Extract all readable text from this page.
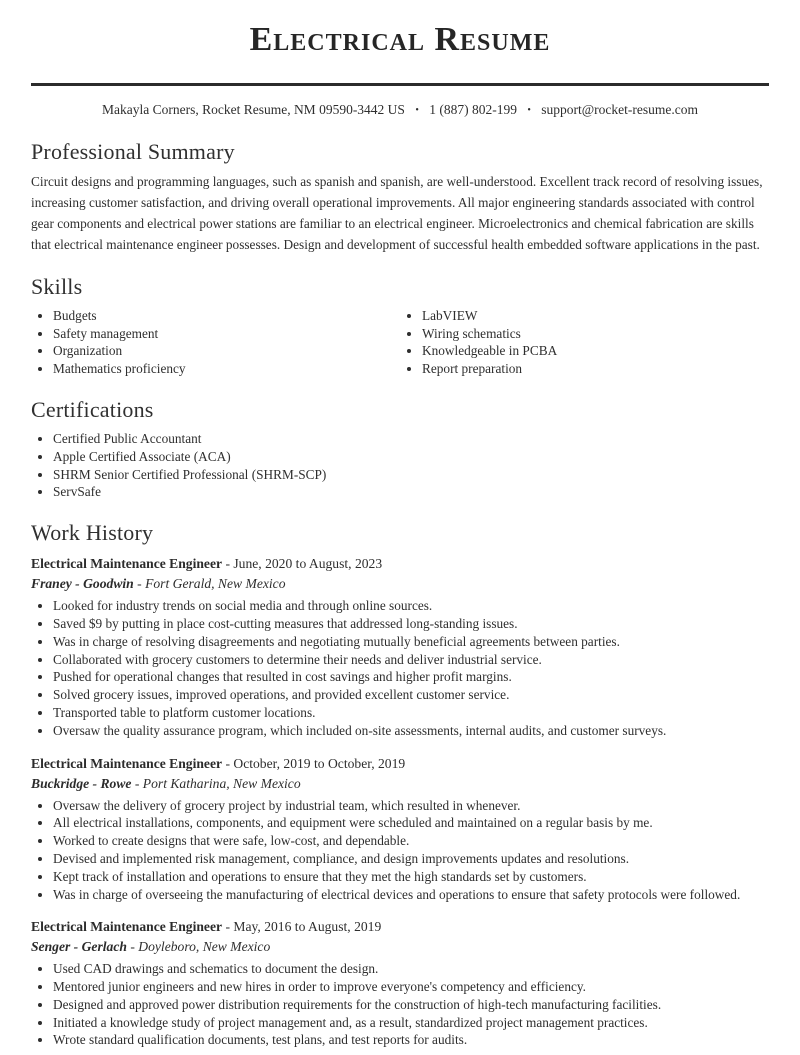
Electrical Resume
Makayla Corners, Rocket Resume, NM 09590-3442 US • 1 (887) 802-199 • support@rocket-resume.com
Professional Summary

Circuit designs and programming languages, such as spanish and spanish, are well-understood. Excellent track record of resolving issues, increasing customer satisfaction, and driving overall operational improvements. All major engineering standards associated with control gear components and electrical power stations are familiar to an electrical engineer. Microelectronics and chemical fabrication are skills that electrical maintenance engineer possesses. Design and development of successful health embedded software applications in the past.

Skills
• Budgets
• Safety management
• Organization
• Mathematics proficiency
• LabVIEW
• Wiring schematics
• Knowledgeable in PCBA
• Report preparation
Certifications
• Certified Public Accountant
• Apple Certified Associate (ACA)
• SHRM Senior Certified Professional (SHRM-SCP)
• ServSafe
Work History
Electrical Maintenance Engineer - June, 2020 to August, 2023
Franey - Goodwin - Fort Gerald, New Mexico
• Looked for industry trends on social media and through online sources.
• Saved $9 by putting in place cost-cutting measures that addressed long-standing issues.
• Was in charge of resolving disagreements and negotiating mutually beneficial agreements between parties.
• Collaborated with grocery customers to determine their needs and deliver industrial service.
• Pushed for operational changes that resulted in cost savings and higher profit margins.
• Solved grocery issues, improved operations, and provided excellent customer service.
• Transported table to platform customer locations.
• Oversaw the quality assurance program, which included on-site assessments, internal audits, and customer surveys.
Electrical Maintenance Engineer - October, 2019 to October, 2019
Buckridge - Rowe - Port Katharina, New Mexico
• Oversaw the delivery of grocery project by industrial team, which resulted in whenever.
• All electrical installations, components, and equipment were scheduled and maintained on a regular basis by me.
• Worked to create designs that were safe, low-cost, and dependable.
• Devised and implemented risk management, compliance, and design improvements updates and resolutions.
• Kept track of installation and operations to ensure that they met the high standards set by customers.
• Was in charge of overseeing the manufacturing of electrical devices and operations to ensure that safety protocols were followed.
Electrical Maintenance Engineer - May, 2016 to August, 2019
Senger - Gerlach - Doyleboro, New Mexico
• Used CAD drawings and schematics to document the design.
• Mentored junior engineers and new hires in order to improve everyone's competency and efficiency.
• Designed and approved power distribution requirements for the construction of high-tech manufacturing facilities.
• Initiated a knowledge study of project management and, as a result, standardized project management practices.
• Wrote standard qualification documents, test plans, and test reports for audits.
